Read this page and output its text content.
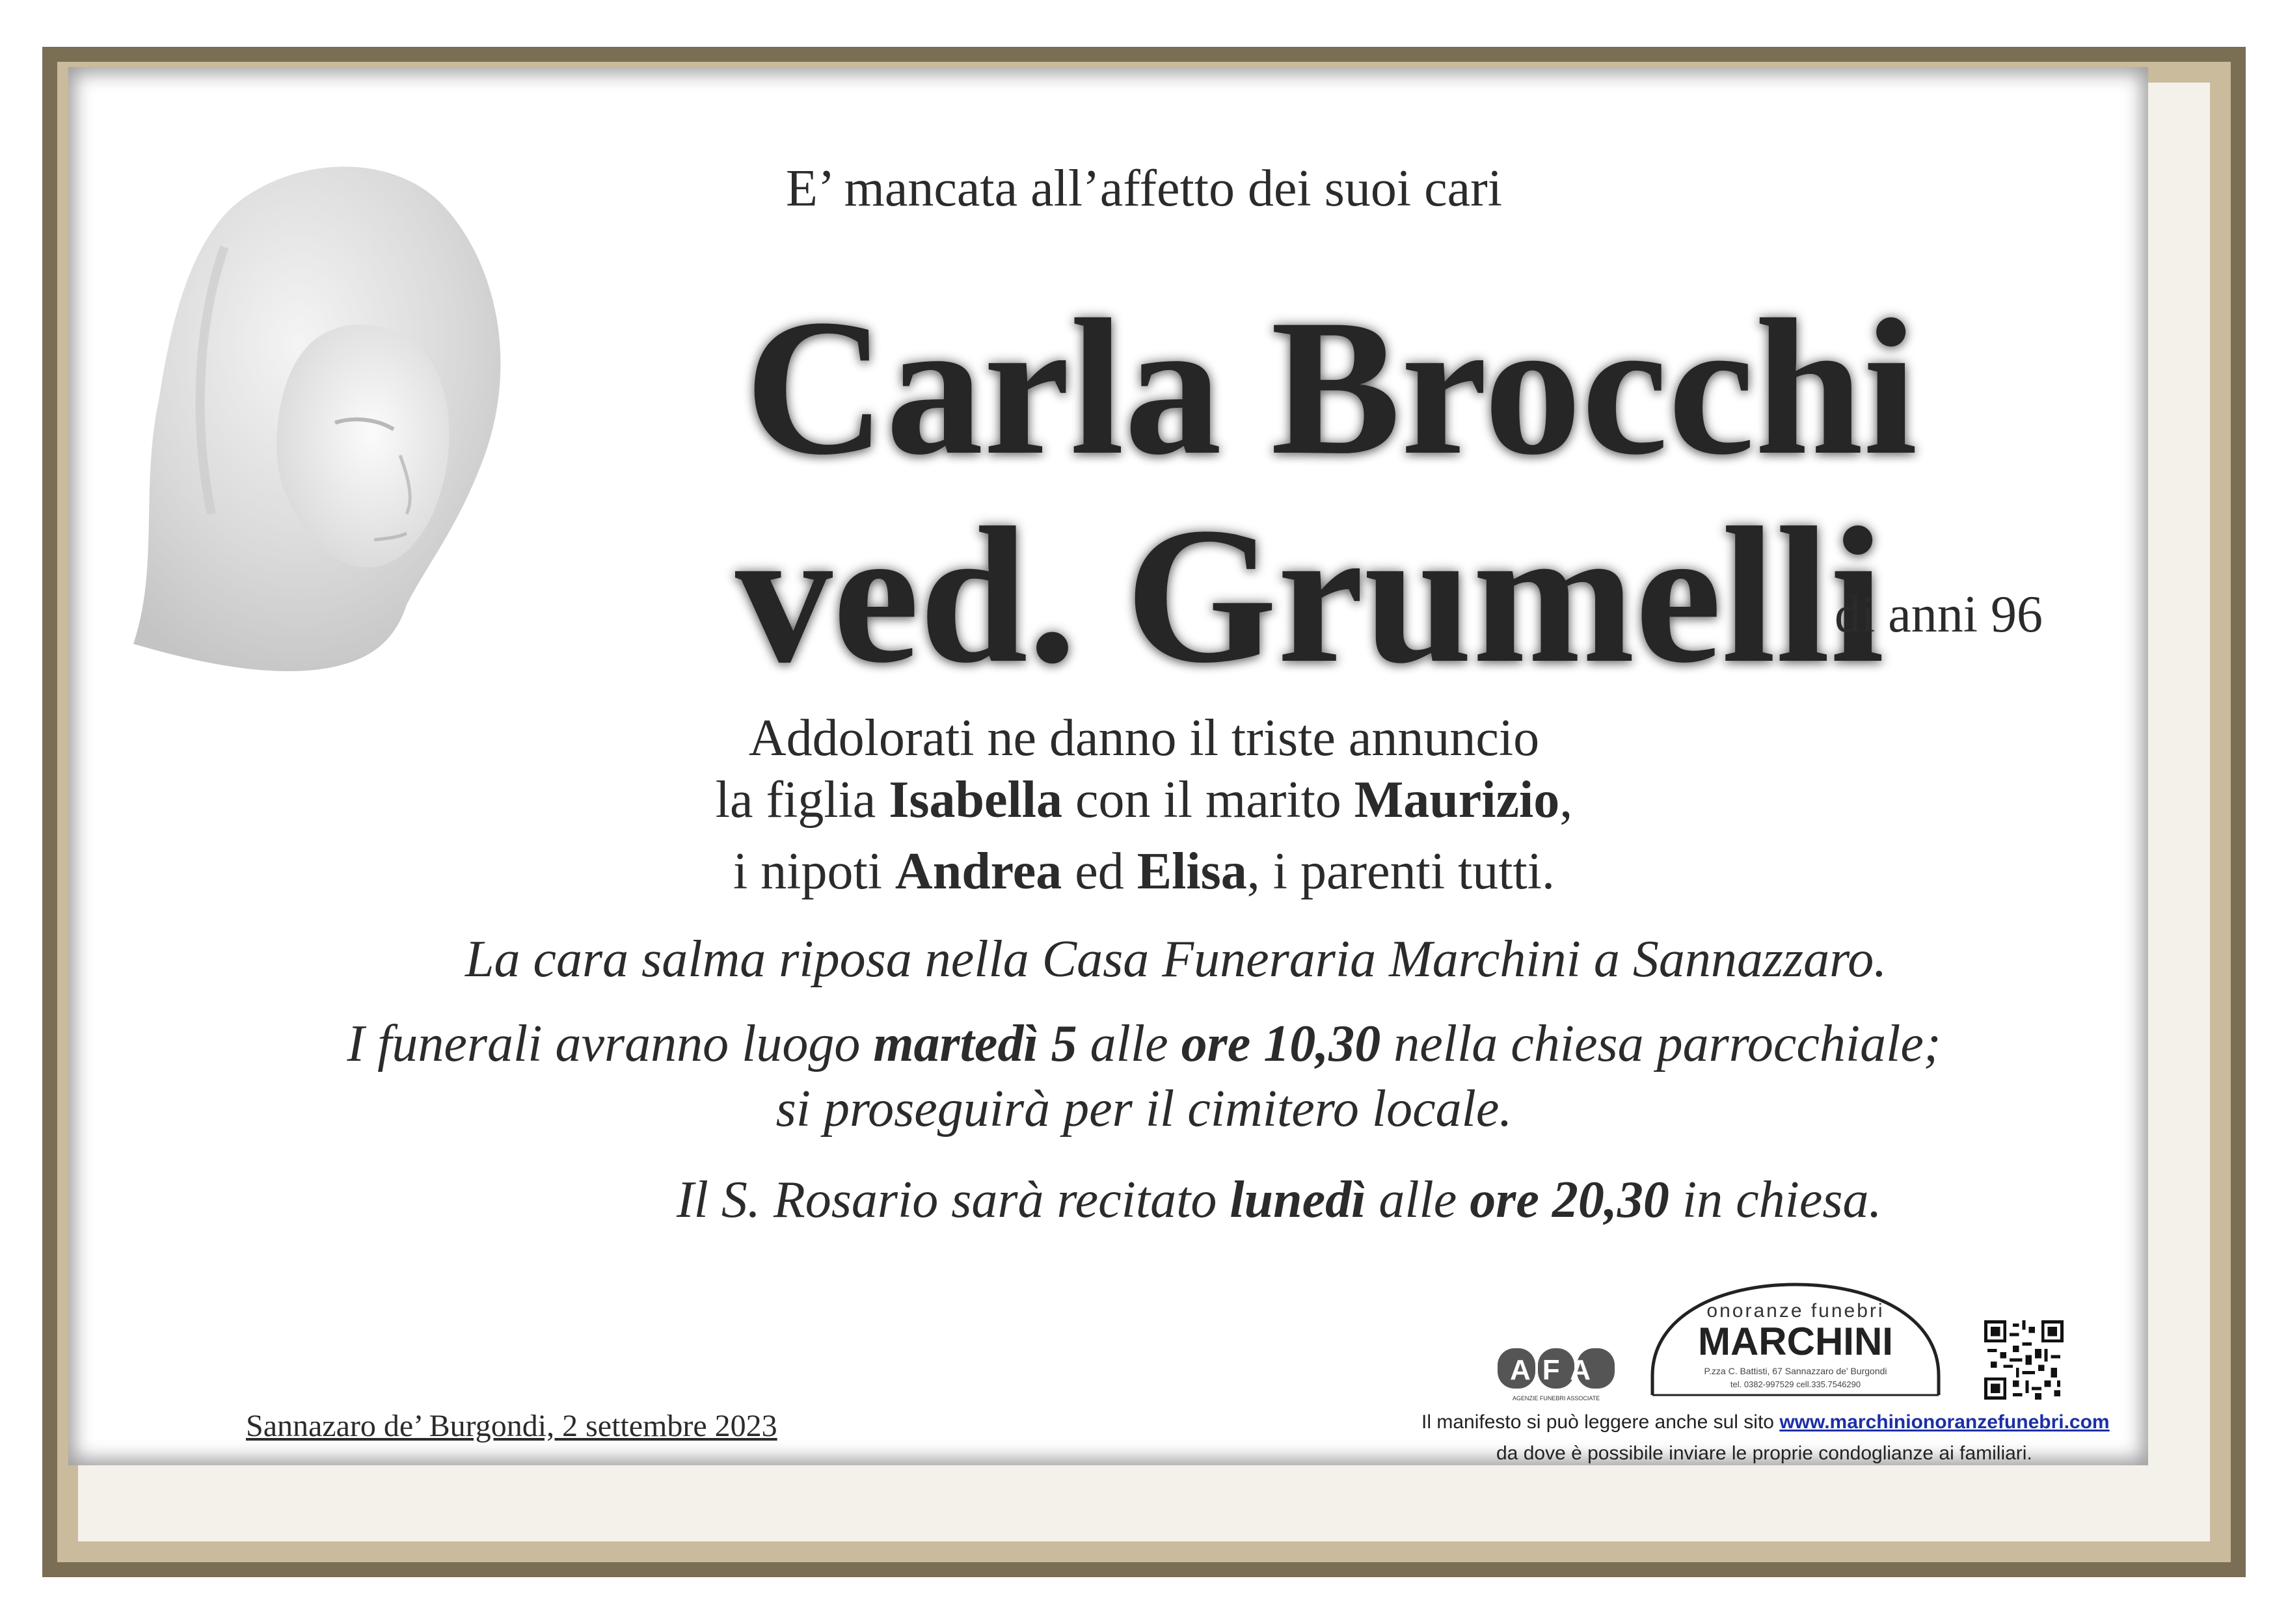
E’ mancata all’affetto dei suoi cari

Carla Brocchi

ved. Grumelli

di anni 96

Addolorati ne danno il triste annuncio

la figlia Isabella con il marito Maurizio,

i nipoti Andrea ed Elisa, i parenti tutti.

La cara salma riposa nella Casa Funeraria Marchini a Sannazzaro.

I funerali avranno luogo martedì 5 alle ore 10,30 nella chiesa parrocchiale;

si proseguirà per il cimitero locale.

Il S. Rosario sarà recitato lunedì alle ore 20,30 in chiesa.

Sannazaro de’ Burgondi, 2 settembre 2023

AFA
AGENZIE FUNEBRI ASSOCIATE
onoranze funebri
MARCHINI
P.zza C. Battisti, 67 Sannazzaro de' Burgondi
tel. 0382-997529 cell.335.7546290

Il manifesto si può leggere anche sul sito www.marchinionoranzefunebri.com

da dove è possibile inviare le proprie condoglianze ai familiari.
